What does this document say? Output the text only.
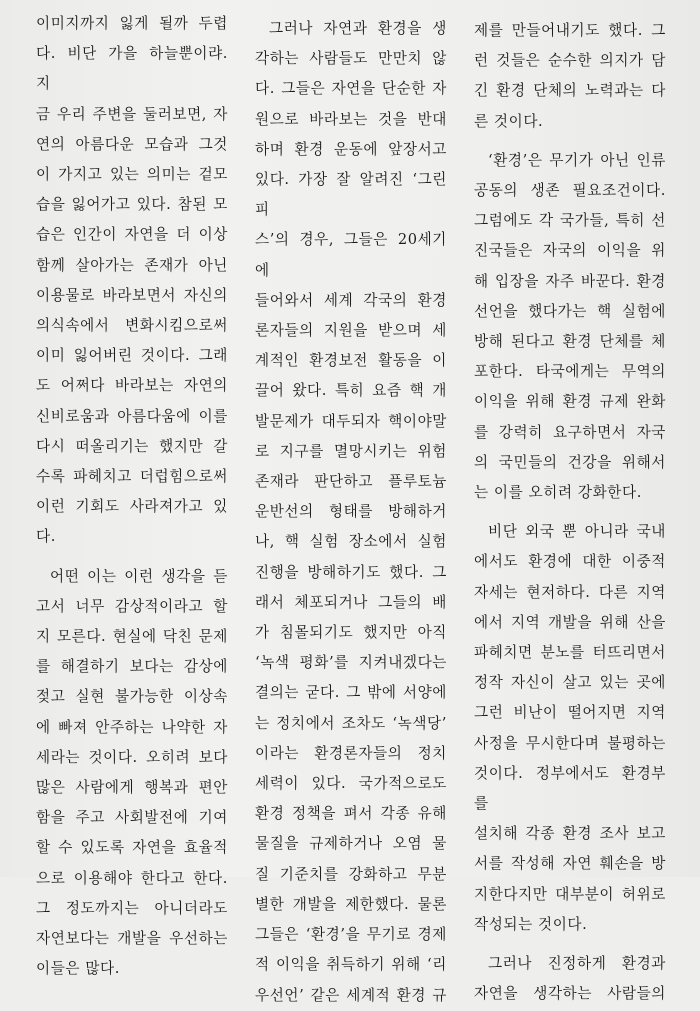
이미지까지 잃게 될까 두렵

다. 비단 가을 하늘뿐이랴. 지

금 우리 주변을 둘러보면, 자

연의 아름다운 모습과 그것

이 가지고 있는 의미는 겉모

습을 잃어가고 있다. 참된 모

습은 인간이 자연을 더 이상

함께 살아가는 존재가 아닌

이용물로 바라보면서 자신의

의식속에서 변화시킴으로써

이미 잃어버린 것이다. 그래

도 어쩌다 바라보는 자연의

신비로움과 아름다움에 이를

다시 떠올리기는 했지만 갈

수록 파헤치고 더럽힘으로써

이런 기회도 사라져가고 있

다.

어떤 이는 이런 생각을 듣

고서 너무 감상적이라고 할

지 모른다. 현실에 닥친 문제

를 해결하기 보다는 감상에

젖고 실현 불가능한 이상속

에 빠져 안주하는 나약한 자

세라는 것이다. 오히려 보다

많은 사람에게 행복과 편안

함을 주고 사회발전에 기여

할 수 있도록 자연을 효율적

으로 이용해야 한다고 한다.

그 정도까지는 아니더라도

자연보다는 개발을 우선하는

이들은 많다.

그러나 자연과 환경을 생

각하는 사람들도 만만치 않

다. 그들은 자연을 단순한 자

원으로 바라보는 것을 반대

하며 환경 운동에 앞장서고

있다. 가장 잘 알려진 ‘그린피

스’의 경우, 그들은 20세기에

들어와서 세계 각국의 환경

론자들의 지원을 받으며 세

계적인 환경보전 활동을 이

끌어 왔다. 특히 요즘 핵 개

발문제가 대두되자 핵이야말

로 지구를 멸망시키는 위험

존재라 판단하고 플루토늄

운반선의 형태를 방해하거

나, 핵 실험 장소에서 실험

진행을 방해하기도 했다. 그

래서 체포되거나 그들의 배

가 침몰되기도 했지만 아직

‘녹색 평화’를 지켜내겠다는

결의는 굳다. 그 밖에 서양에

는 정치에서 조차도 ‘녹색당’

이라는 환경론자들의 정치

세력이 있다. 국가적으로도

환경 정책을 펴서 각종 유해

물질을 규제하거나 오염 물

질 기준치를 강화하고 무분

별한 개발을 제한했다. 물론

그들은 ‘환경’을 무기로 경제

적 이익을 취득하기 위해 ‘리

우선언’ 같은 세계적 환경 규

제를 만들어내기도 했다. 그

런 것들은 순수한 의지가 담

긴 환경 단체의 노력과는 다

른 것이다.

‘환경’은 무기가 아닌 인류

공동의 생존 필요조건이다.

그럼에도 각 국가들, 특히 선

진국들은 자국의 이익을 위

해 입장을 자주 바꾼다. 환경

선언을 했다가는 핵 실험에

방해 된다고 환경 단체를 체

포한다. 타국에게는 무역의

이익을 위해 환경 규제 완화

를 강력히 요구하면서 자국

의 국민들의 건강을 위해서

는 이를 오히려 강화한다.

비단 외국 뿐 아니라 국내

에서도 환경에 대한 이중적

자세는 현저하다. 다른 지역

에서 지역 개발을 위해 산을

파헤치면 분노를 터뜨리면서

정작 자신이 살고 있는 곳에

그런 비난이 떨어지면 지역

사정을 무시한다며 불평하는

것이다. 정부에서도 환경부를

설치해 각종 환경 조사 보고

서를 작성해 자연 훼손을 방

지한다지만 대부분이 허위로

작성되는 것이다.

그러나 진정하게 환경과

자연을 생각하는 사람들의
